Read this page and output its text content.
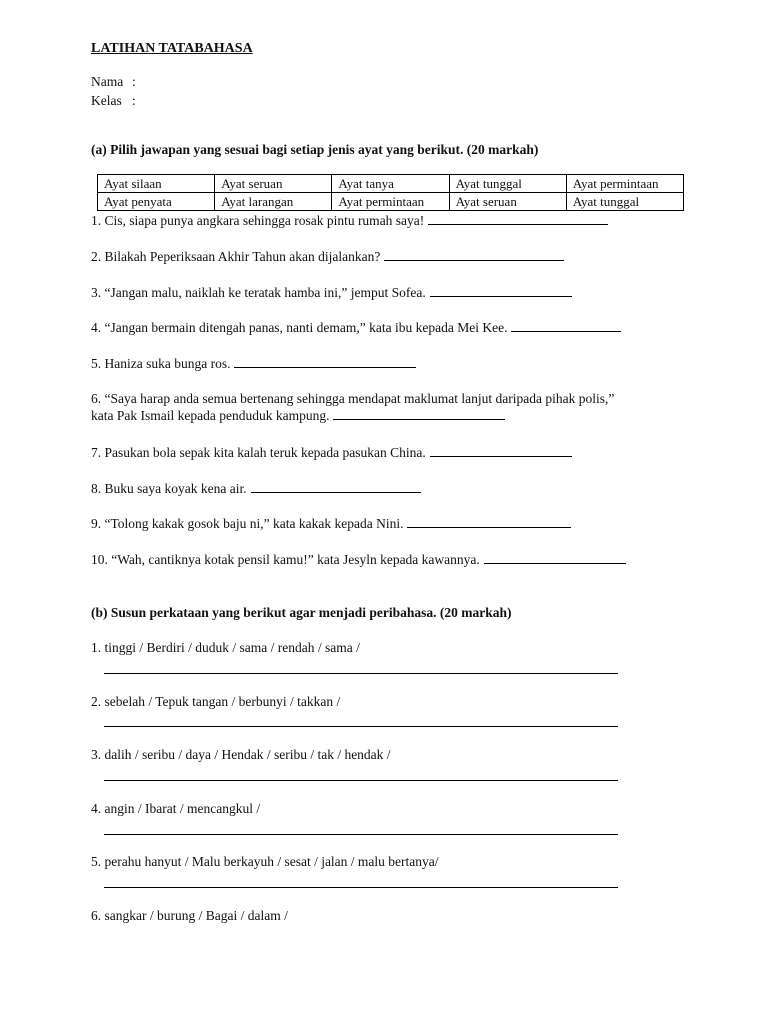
LATIHAN TATABAHASA
Nama :
Kelas :
(a) Pilih jawapan yang sesuai bagi setiap jenis ayat yang berikut. (20 markah)
Ayat silaan	Ayat seruan	Ayat tanya	Ayat tunggal	Ayat permintaan
Ayat penyata	Ayat larangan	Ayat permintaan	Ayat seruan	Ayat tunggal
1. Cis, siapa punya angkara sehingga rosak pintu rumah saya!
2. Bilakah Peperiksaan Akhir Tahun akan dijalankan?
3. “Jangan malu, naiklah ke teratak hamba ini,” jemput Sofea.
4. “Jangan bermain ditengah panas, nanti demam,” kata ibu kepada Mei Kee.
5. Haniza suka bunga ros.
6. “Saya harap anda semua bertenang sehingga mendapat maklumat lanjut daripada pihak polis,”
kata Pak Ismail kepada penduduk kampung.
7. Pasukan bola sepak kita kalah teruk kepada pasukan China.
8. Buku saya koyak kena air.
9. “Tolong kakak gosok baju ni,” kata kakak kepada Nini.
10. “Wah, cantiknya kotak pensil kamu!” kata Jesyln kepada kawannya.
(b) Susun perkataan yang berikut agar menjadi peribahasa. (20 markah)
1. tinggi / Berdiri / duduk / sama / rendah / sama /
2. sebelah / Tepuk tangan / berbunyi / takkan /
3. dalih / seribu / daya / Hendak / seribu / tak / hendak /
4. angin / Ibarat / mencangkul /
5. perahu hanyut / Malu berkayuh / sesat / jalan / malu bertanya/
6. sangkar / burung / Bagai / dalam /
